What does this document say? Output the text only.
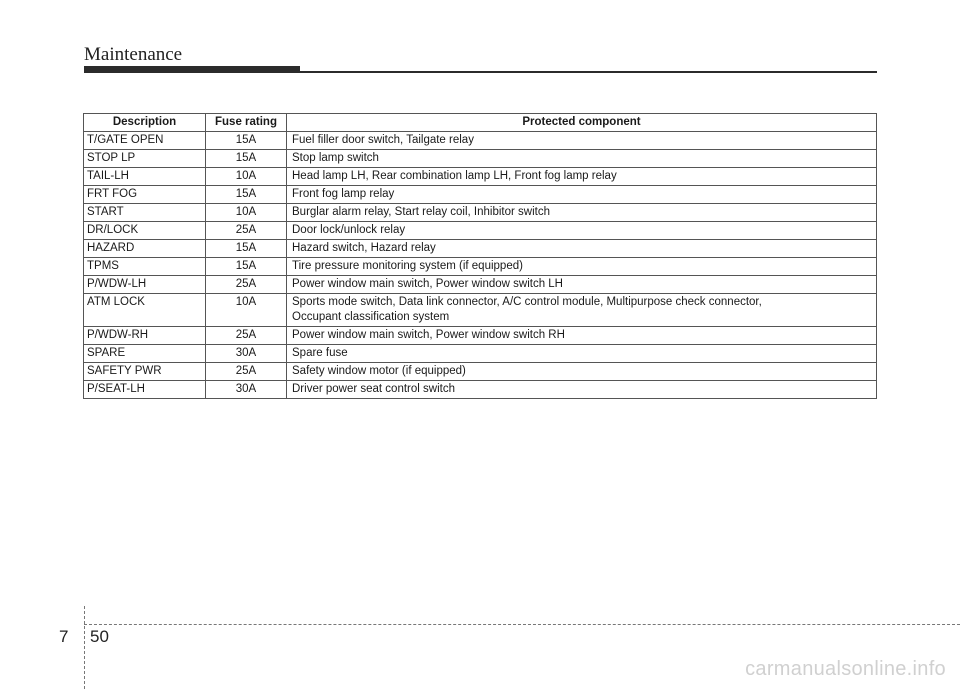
Maintenance
Description	Fuse rating	Protected component
T/GATE OPEN	15A	Fuel filler door switch, Tailgate relay
STOP LP	15A	Stop lamp switch
TAIL-LH	10A	Head lamp LH, Rear combination lamp LH, Front fog lamp relay
FRT FOG	15A	Front fog lamp relay
START	10A	Burglar alarm relay, Start relay coil, Inhibitor switch
DR/LOCK	25A	Door lock/unlock relay
HAZARD	15A	Hazard switch, Hazard relay
TPMS	15A	Tire pressure monitoring system (if equipped)
P/WDW-LH	25A	Power window main switch, Power window switch LH
ATM LOCK	10A	Sports mode switch, Data link connector, A/C control module, Multipurpose check connector,
Occupant classification system

P/WDW-RH	25A	Power window main switch, Power window switch RH
SPARE	30A	Spare fuse
SAFETY PWR	25A	Safety window motor (if equipped)
P/SEAT-LH	30A	Driver power seat control switch
7 50
carmanualsonline.info
